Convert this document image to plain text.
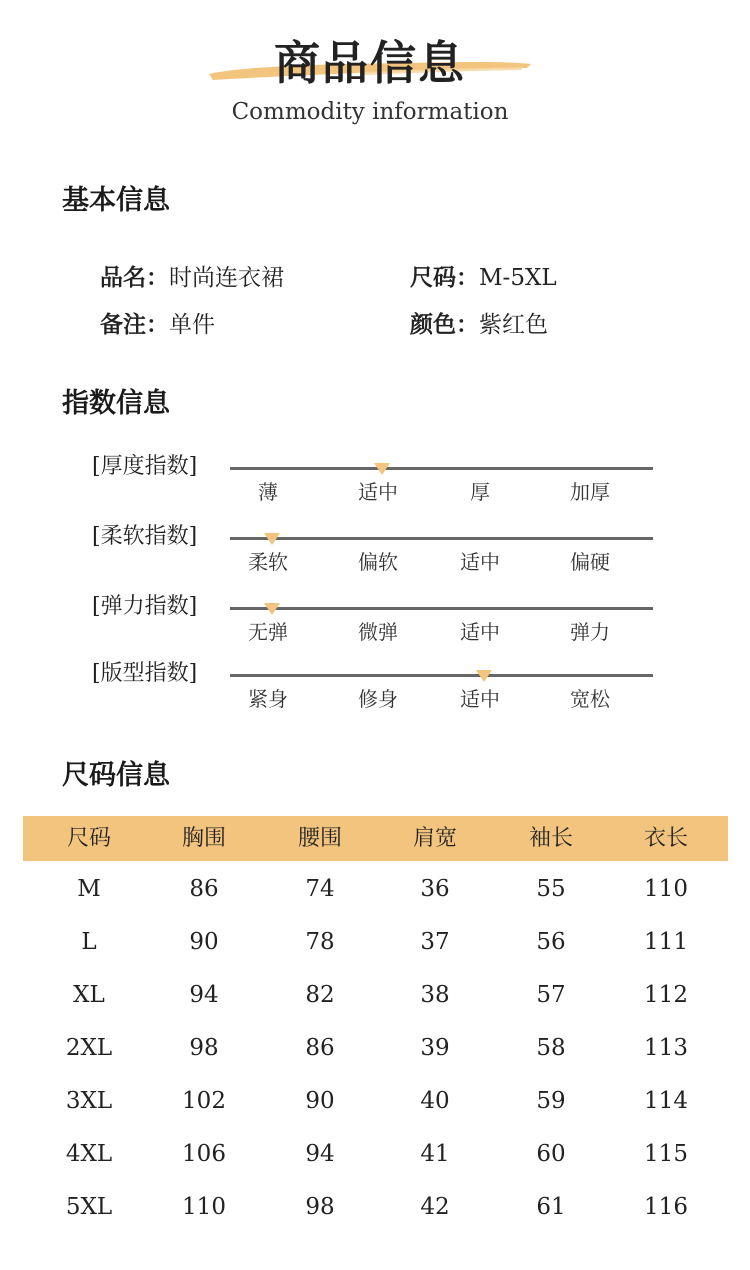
商品信息
Commodity information
基本信息
品名：时尚连衣裙	尺码：M-5XL
备注：单件	颜色：紫红色
指数信息
[厚度指数]
薄	适中	厚	加厚
[柔软指数]
柔软	偏软	适中	偏硬
[弹力指数]
无弹	微弹	适中	弹力
[版型指数]
紧身	修身	适中	宽松
尺码信息
尺码	胸围	腰围	肩宽	袖长	衣长
M	86	74	36	55	110
L	90	78	37	56	111
XL	94	82	38	57	112
2XL	98	86	39	58	113
3XL	102	90	40	59	114
4XL	106	94	41	60	115
5XL	110	98	42	61	116
